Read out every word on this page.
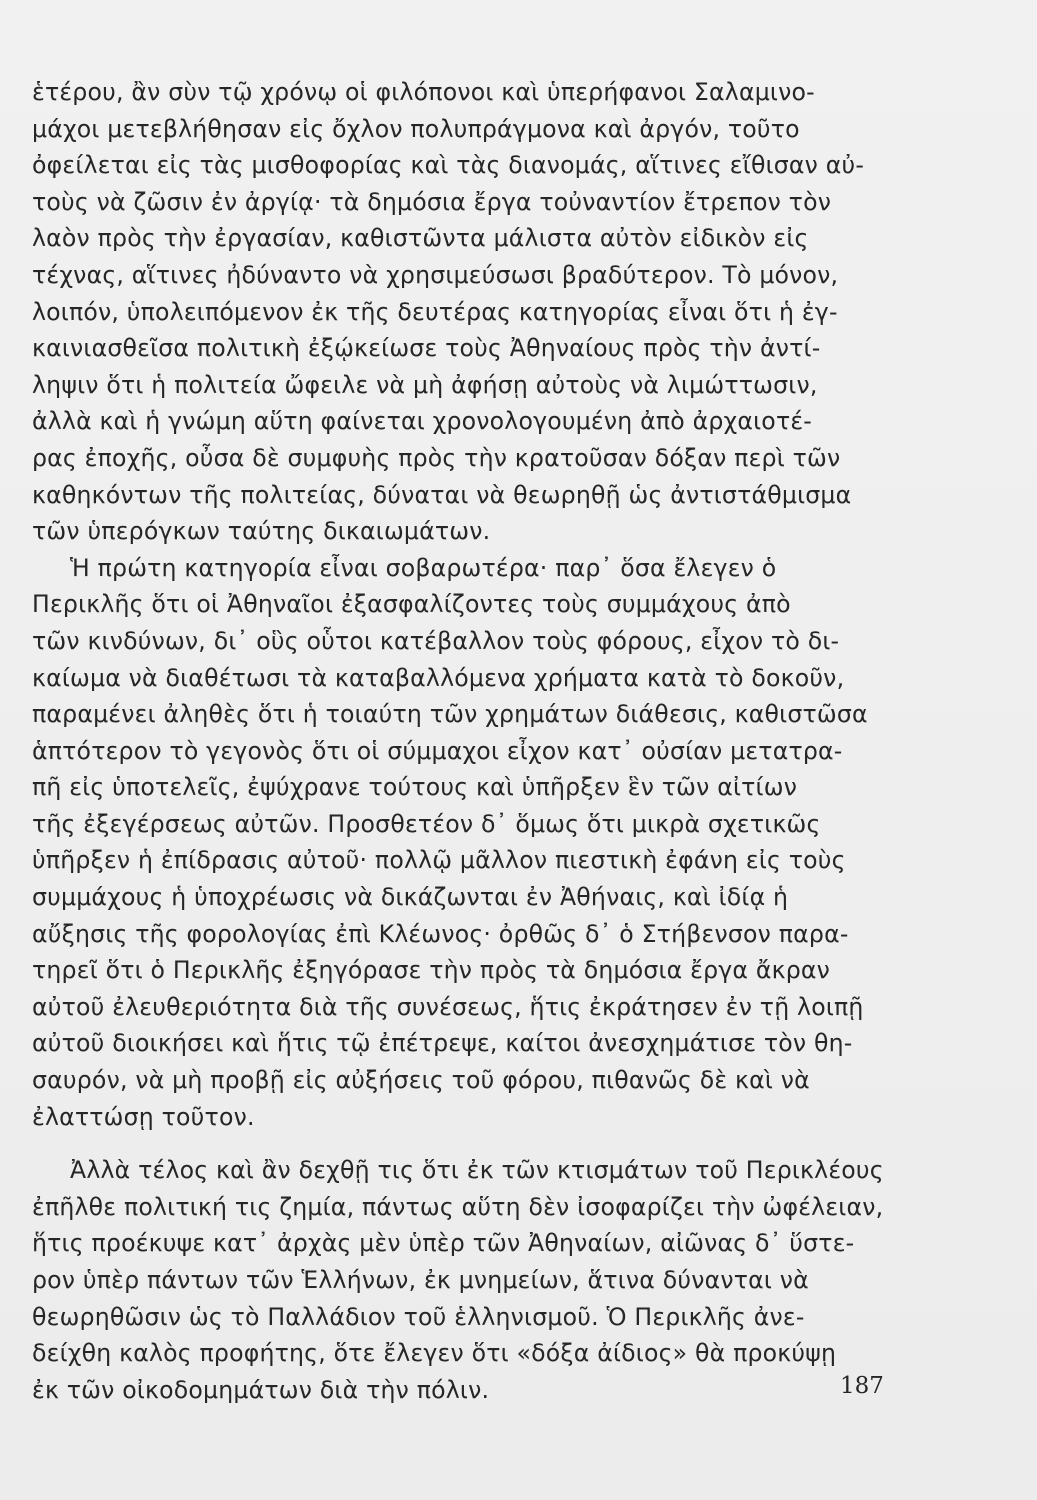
ἑτέρου, ἂν σὺν τῷ χρόνῳ οἱ φιλόπονοι καὶ ὑπερήφανοι Σαλαμινο-
μάχοι μετεβλήθησαν εἰς ὄχλον πολυπράγμονα καὶ ἀργόν, τοῦτο
ὀφείλεται εἰς τὰς μισθοφορίας καὶ τὰς διανομάς, αἵτινες εἴθισαν αὐ-
τοὺς νὰ ζῶσιν ἐν ἀργίᾳ· τὰ δημόσια ἔργα τοὐναντίον ἔτρεπον τὸν
λαὸν πρὸς τὴν ἐργασίαν, καθιστῶντα μάλιστα αὐτὸν εἰδικὸν εἰς
τέχνας, αἵτινες ἠδύναντο νὰ χρησιμεύσωσι βραδύτερον. Τὸ μόνον,
λοιπόν, ὑπολειπόμενον ἐκ τῆς δευτέρας κατηγορίας εἶναι ὅτι ἡ ἐγ-
καινιασθεῖσα πολιτικὴ ἐξῴκείωσε τοὺς Ἀθηναίους πρὸς τὴν ἀντί-
ληψιν ὅτι ἡ πολιτεία ὤφειλε νὰ μὴ ἀφήσῃ αὐτοὺς νὰ λιμώττωσιν,
ἀλλὰ καὶ ἡ γνώμη αὕτη φαίνεται χρονολογουμένη ἀπὸ ἀρχαιοτέ-
ρας ἐποχῆς, οὖσα δὲ συμφυὴς πρὸς τὴν κρατοῦσαν δόξαν περὶ τῶν
καθηκόντων τῆς πολιτείας, δύναται νὰ θεωρηθῇ ὡς ἀντιστάθμισμα
τῶν ὑπερόγκων ταύτης δικαιωμάτων.
Ἡ πρώτη κατηγορία εἶναι σοβαρωτέρα· παρ᾿ ὅσα ἔλεγεν ὁ
Περικλῆς ὅτι οἱ Ἀθηναῖοι ἐξασφαλίζοντες τοὺς συμμάχους ἀπὸ
τῶν κινδύνων, δι᾿ οὓς οὗτοι κατέβαλλον τοὺς φόρους, εἶχον τὸ δι-
καίωμα νὰ διαθέτωσι τὰ καταβαλλόμενα χρήματα κατὰ τὸ δοκοῦν,
παραμένει ἀληθὲς ὅτι ἡ τοιαύτη τῶν χρημάτων διάθεσις, καθιστῶσα
ἁπτότερον τὸ γεγονὸς ὅτι οἱ σύμμαχοι εἶχον κατ᾿ οὐσίαν μετατρα-
πῆ εἰς ὑποτελεῖς, ἐψύχρανε τούτους καὶ ὑπῆρξεν ἓν τῶν αἰτίων
τῆς ἐξεγέρσεως αὐτῶν. Προσθετέον δ᾿ ὅμως ὅτι μικρὰ σχετικῶς
ὑπῆρξεν ἡ ἐπίδρασις αὐτοῦ· πολλῷ μᾶλλον πιεστικὴ ἐφάνη εἰς τοὺς
συμμάχους ἡ ὑποχρέωσις νὰ δικάζωνται ἐν Ἀθήναις, καὶ ἰδίᾳ ἡ
αὔξησις τῆς φορολογίας ἐπὶ Κλέωνος· ὀρθῶς δ᾿ ὁ Στήβενσον παρα-
τηρεῖ ὅτι ὁ Περικλῆς ἐξηγόρασε τὴν πρὸς τὰ δημόσια ἔργα ἄκραν
αὐτοῦ ἐλευθεριότητα διὰ τῆς συνέσεως, ἥτις ἐκράτησεν ἐν τῇ λοιπῇ
αὐτοῦ διοικήσει καὶ ἥτις τῷ ἐπέτρεψε, καίτοι ἀνεσχημάτισε τὸν θη-
σαυρόν, νὰ μὴ προβῇ εἰς αὐξήσεις τοῦ φόρου, πιθανῶς δὲ καὶ νὰ
ἐλαττώσῃ τοῦτον.
Ἀλλὰ τέλος καὶ ἂν δεχθῇ τις ὅτι ἐκ τῶν κτισμάτων τοῦ Περικλέους
ἐπῆλθε πολιτική τις ζημία, πάντως αὕτη δὲν ἰσοφαρίζει τὴν ὠφέλειαν,
ἥτις προέκυψε κατ᾿ ἀρχὰς μὲν ὑπὲρ τῶν Ἀθηναίων, αἰῶνας δ᾿ ὕστε-
ρον ὑπὲρ πάντων τῶν Ἑλλήνων, ἐκ μνημείων, ἅτινα δύνανται νὰ
θεωρηθῶσιν ὡς τὸ Παλλάδιον τοῦ ἑλληνισμοῦ. Ὁ Περικλῆς ἀνε-
δείχθη καλὸς προφήτης, ὅτε ἔλεγεν ὅτι «δόξα ἀίδιος» θὰ προκύψῃ
ἐκ τῶν οἰκοδομημάτων διὰ τὴν πόλιν.	187
